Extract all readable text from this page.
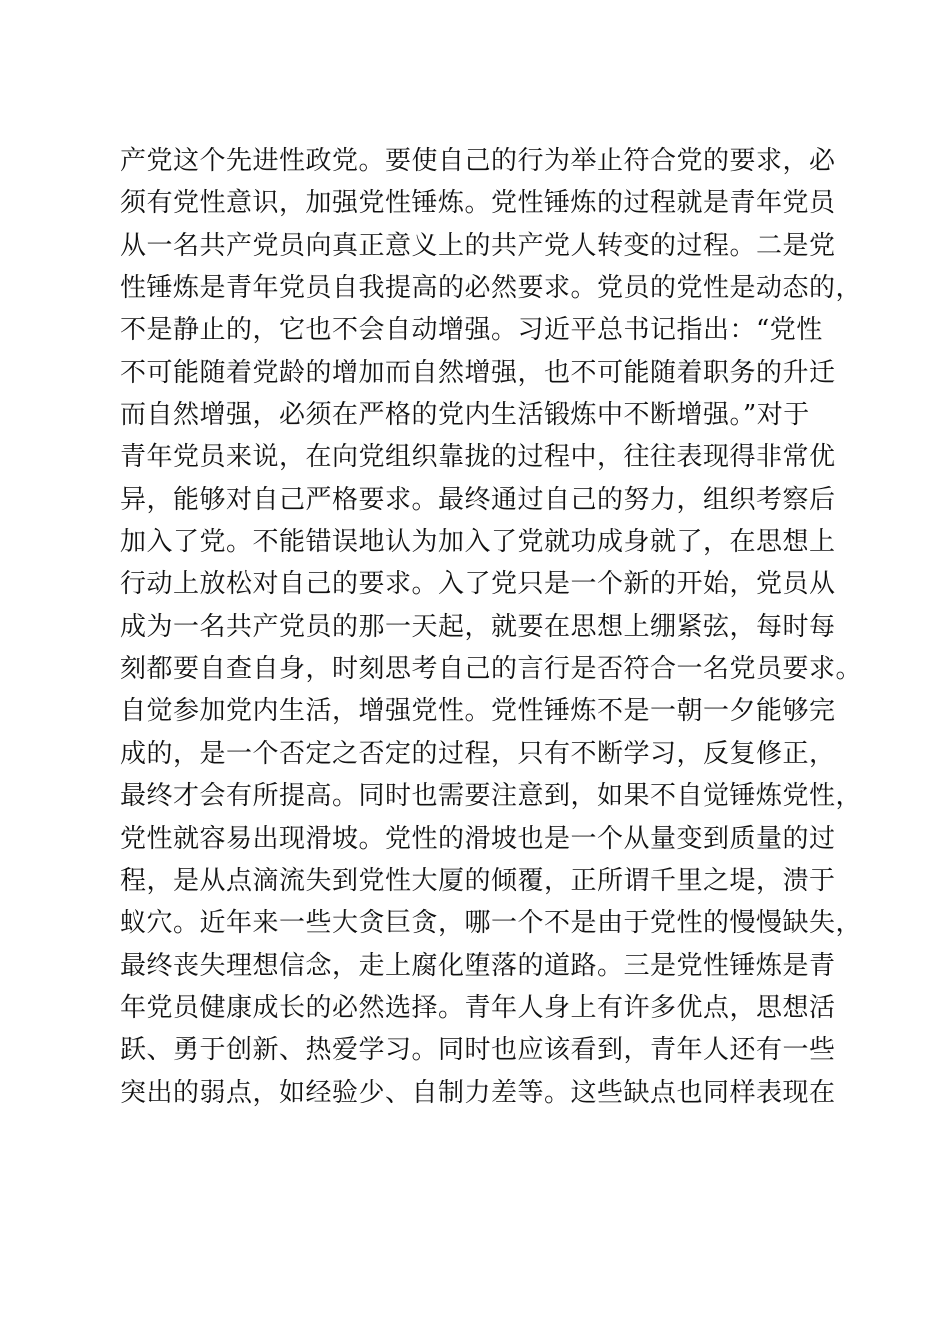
产党这个先进性政党。要使自己的行为举止符合党的要求，必
须有党性意识，加强党性锤炼。党性锤炼的过程就是青年党员
从一名共产党员向真正意义上的共产党人转变的过程。二是党
性锤炼是青年党员自我提高的必然要求。党员的党性是动态的，
不是静止的，它也不会自动增强。习近平总书记指出：“党性
不可能随着党龄的增加而自然增强，也不可能随着职务的升迁
而自然增强，必须在严格的党内生活锻炼中不断增强。”对于
青年党员来说，在向党组织靠拢的过程中，往往表现得非常优
异，能够对自己严格要求。最终通过自己的努力，组织考察后
加入了党。不能错误地认为加入了党就功成身就了，在思想上
行动上放松对自己的要求。入了党只是一个新的开始，党员从
成为一名共产党员的那一天起，就要在思想上绷紧弦，每时每
刻都要自查自身，时刻思考自己的言行是否符合一名党员要求。
自觉参加党内生活，增强党性。党性锤炼不是一朝一夕能够完
成的，是一个否定之否定的过程，只有不断学习，反复修正，
最终才会有所提高。同时也需要注意到，如果不自觉锤炼党性，
党性就容易出现滑坡。党性的滑坡也是一个从量变到质量的过
程，是从点滴流失到党性大厦的倾覆，正所谓千里之堤，溃于
蚁穴。近年来一些大贪巨贪，哪一个不是由于党性的慢慢缺失，
最终丧失理想信念，走上腐化堕落的道路。三是党性锤炼是青
年党员健康成长的必然选择。青年人身上有许多优点，思想活
跃、勇于创新、热爱学习。同时也应该看到，青年人还有一些
突出的弱点，如经验少、自制力差等。这些缺点也同样表现在
